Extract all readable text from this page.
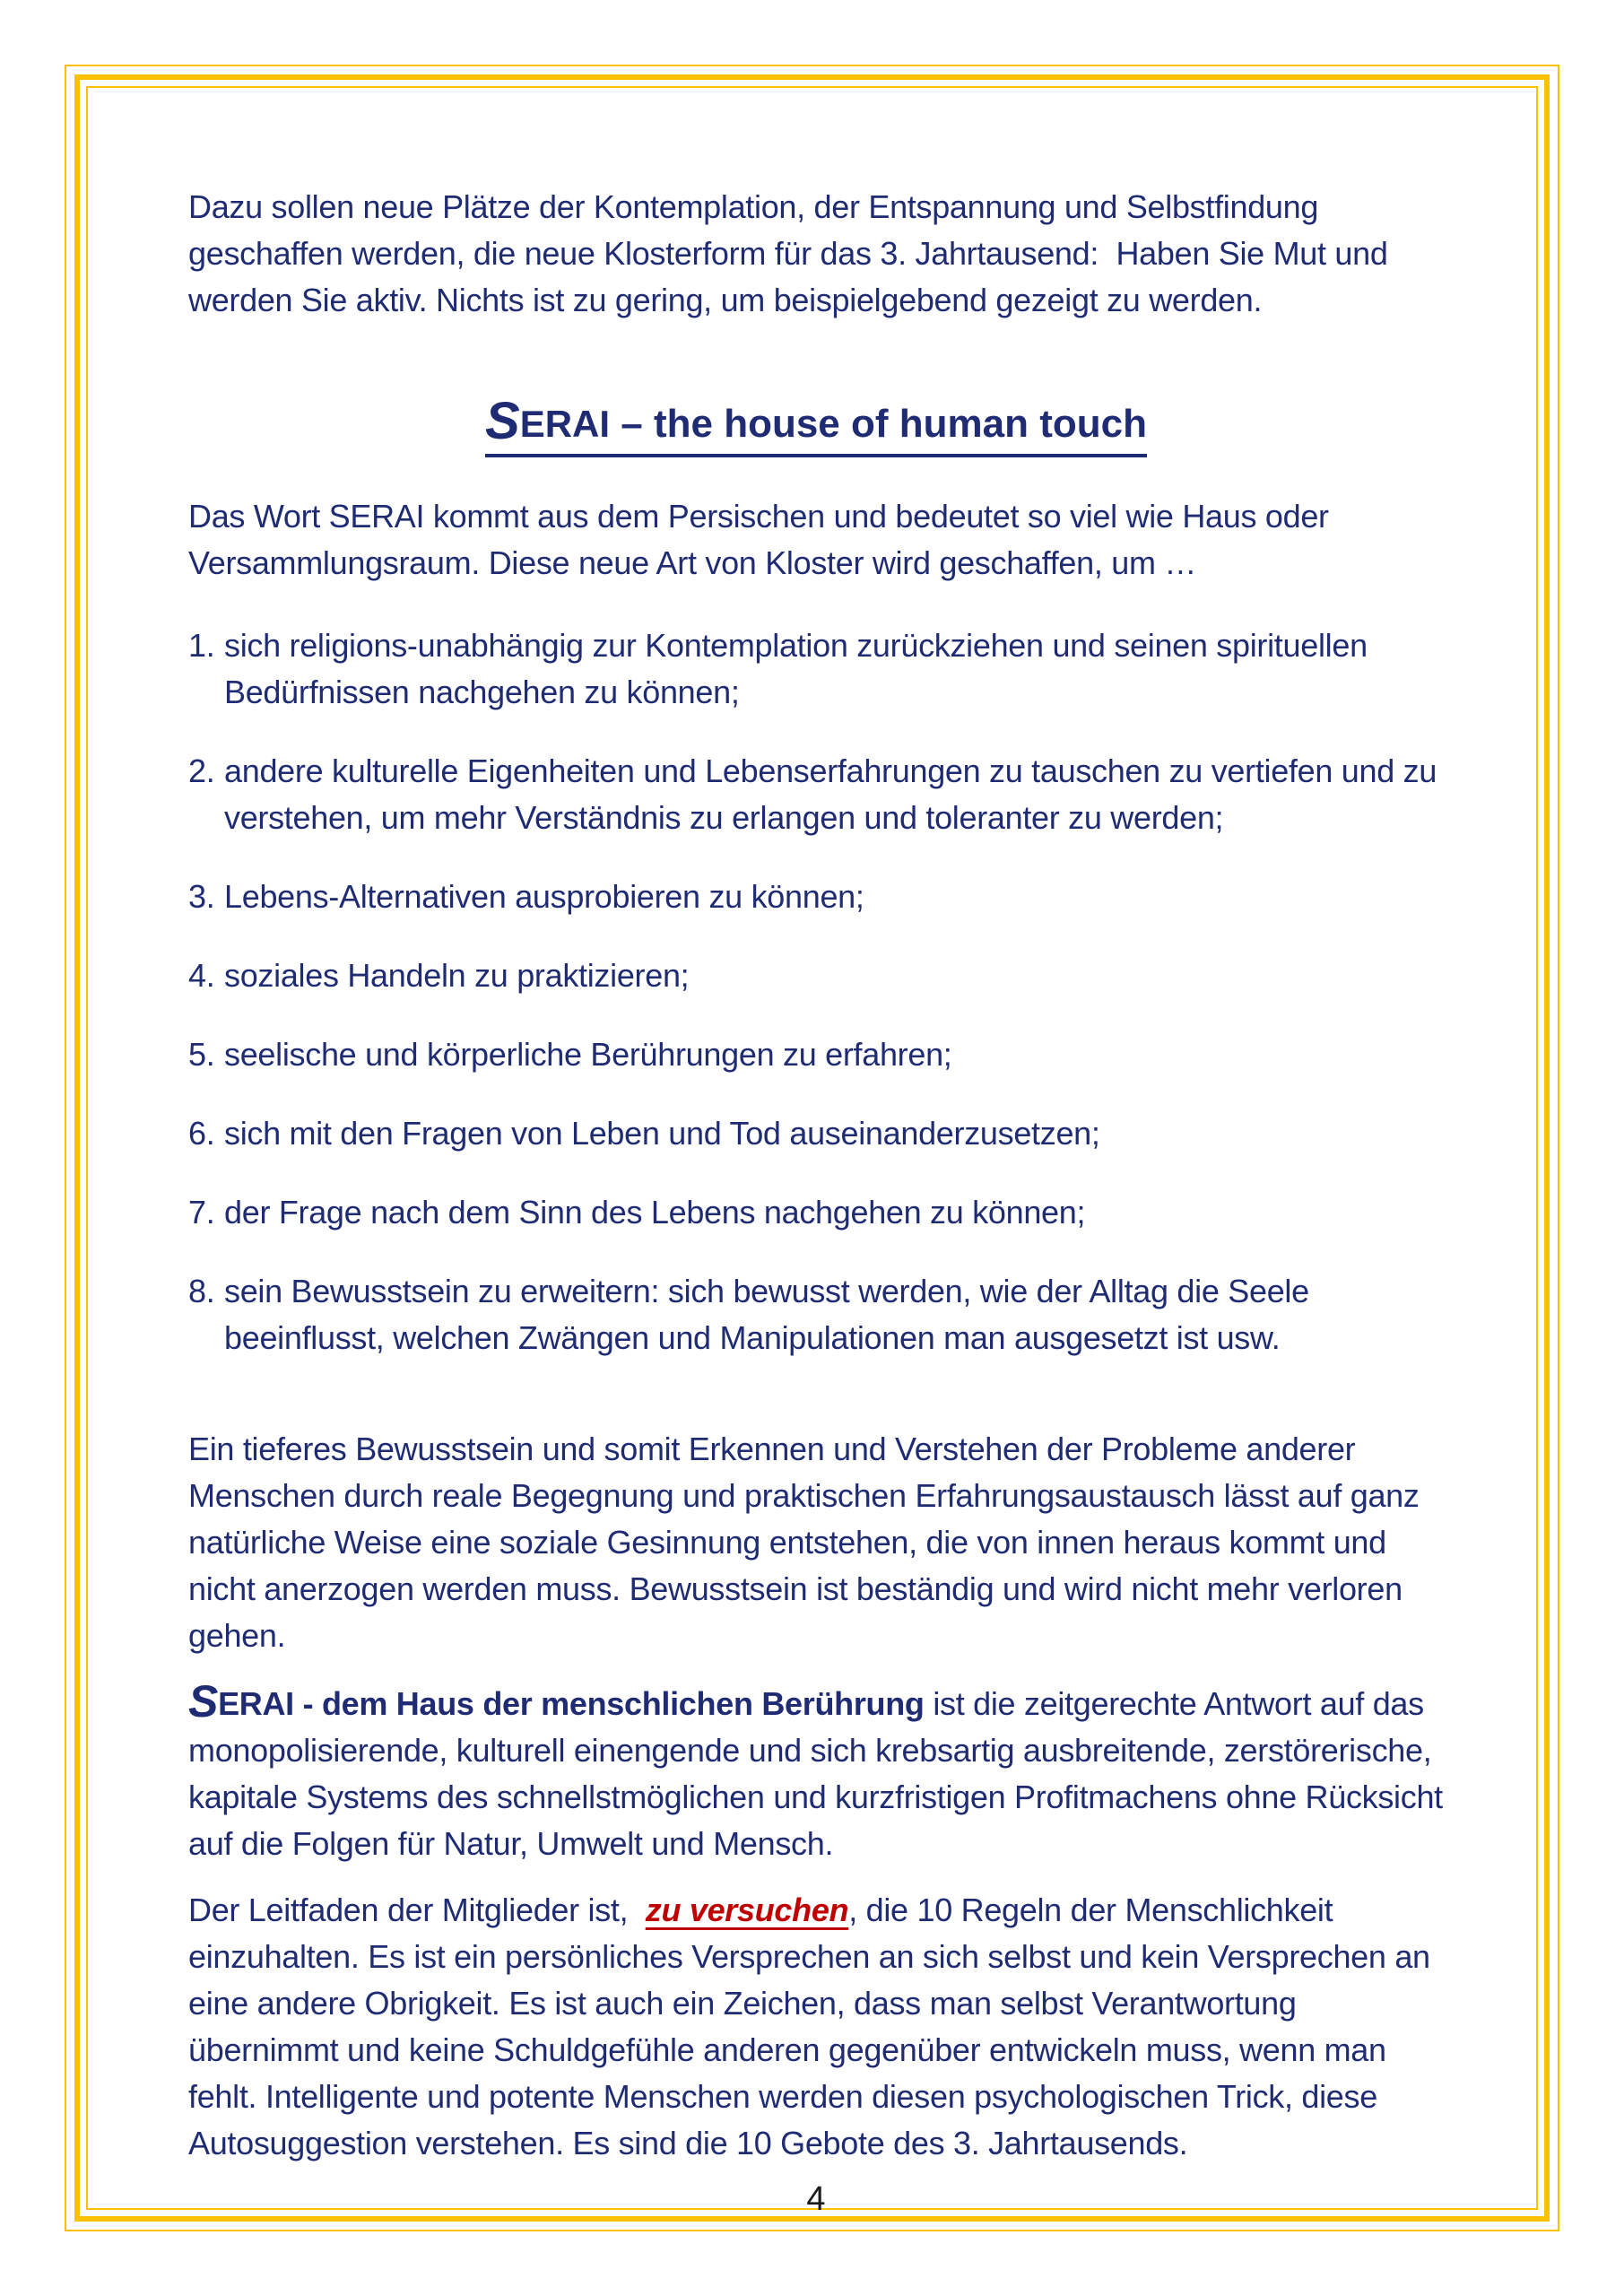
Dazu sollen neue Plätze der Kontemplation, der Entspannung und Selbstfindung geschaffen werden, die neue Klosterform für das 3. Jahrtausend:  Haben Sie Mut und werden Sie aktiv. Nichts ist zu gering, um beispielgebend gezeigt zu werden.

SERAI – the house of human touch

Das Wort SERAI kommt aus dem Persischen und bedeutet so viel wie Haus oder Versammlungsraum. Diese neue Art von Kloster wird geschaffen, um …

1. sich religions-unabhängig zur Kontemplation zurückziehen und seinen spirituellen Bedürfnissen nachgehen zu können;
2. andere kulturelle Eigenheiten und Lebenserfahrungen zu tauschen zu vertiefen und zu verstehen, um mehr Verständnis zu erlangen und toleranter zu werden;
3. Lebens-Alternativen ausprobieren zu können;
4. soziales Handeln zu praktizieren;
5. seelische und körperliche Berührungen zu erfahren;
6. sich mit den Fragen von Leben und Tod auseinanderzusetzen;
7. der Frage nach dem Sinn des Lebens nachgehen zu können;
8. sein Bewusstsein zu erweitern: sich bewusst werden, wie der Alltag die Seele beeinflusst, welchen Zwängen und Manipulationen man ausgesetzt ist usw.

Ein tieferes Bewusstsein und somit Erkennen und Verstehen der Probleme anderer Menschen durch reale Begegnung und praktischen Erfahrungsaustausch lässt auf ganz natürliche Weise eine soziale Gesinnung entstehen, die von innen heraus kommt und nicht anerzogen werden muss. Bewusstsein ist beständig und wird nicht mehr verloren gehen.

SERAI - dem Haus der menschlichen Berührung ist die zeitgerechte Antwort auf das monopolisierende, kulturell einengende und sich krebsartig ausbreitende, zerstörerische, kapitale Systems des schnellstmöglichen und kurzfristigen Profitmachens ohne Rücksicht auf die Folgen für Natur, Umwelt und Mensch.

Der Leitfaden der Mitglieder ist,  zu versuchen, die 10 Regeln der Menschlichkeit einzuhalten. Es ist ein persönliches Versprechen an sich selbst und kein Versprechen an eine andere Obrigkeit. Es ist auch ein Zeichen, dass man selbst Verantwortung übernimmt und keine Schuldgefühle anderen gegenüber entwickeln muss, wenn man fehlt. Intelligente und potente Menschen werden diesen psychologischen Trick, diese Autosuggestion verstehen. Es sind die 10 Gebote des 3. Jahrtausends.

4
